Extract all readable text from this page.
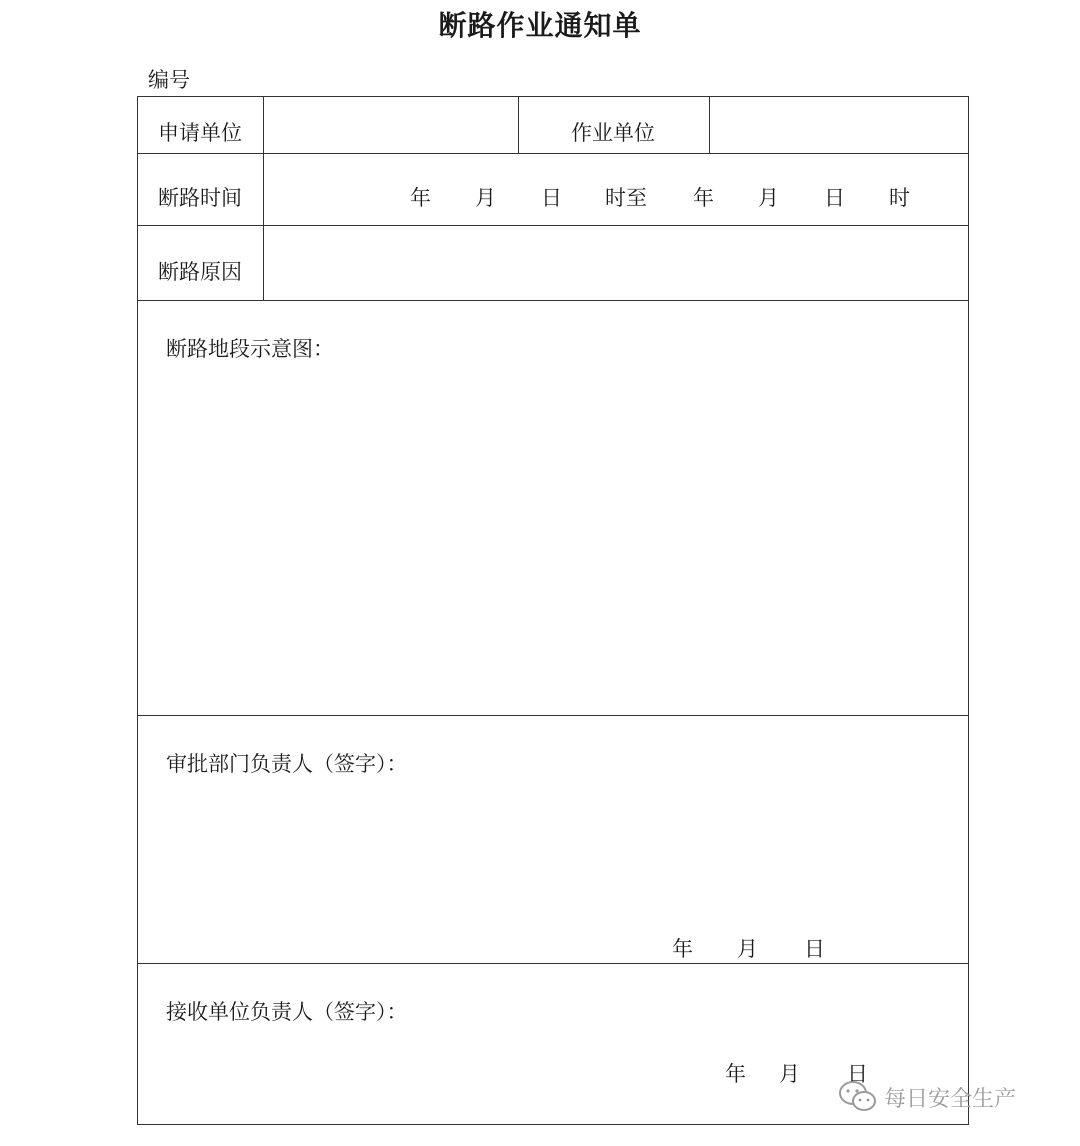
断路作业通知单
编号
申请单位	作业单位
断路时间	年 月 日 时至 年 月 日 时
断路原因
断路地段示意图：
审批部门负责人（签字）：
年 月 日
接收单位负责人（签字）：
年 月 日
每日安全生产
